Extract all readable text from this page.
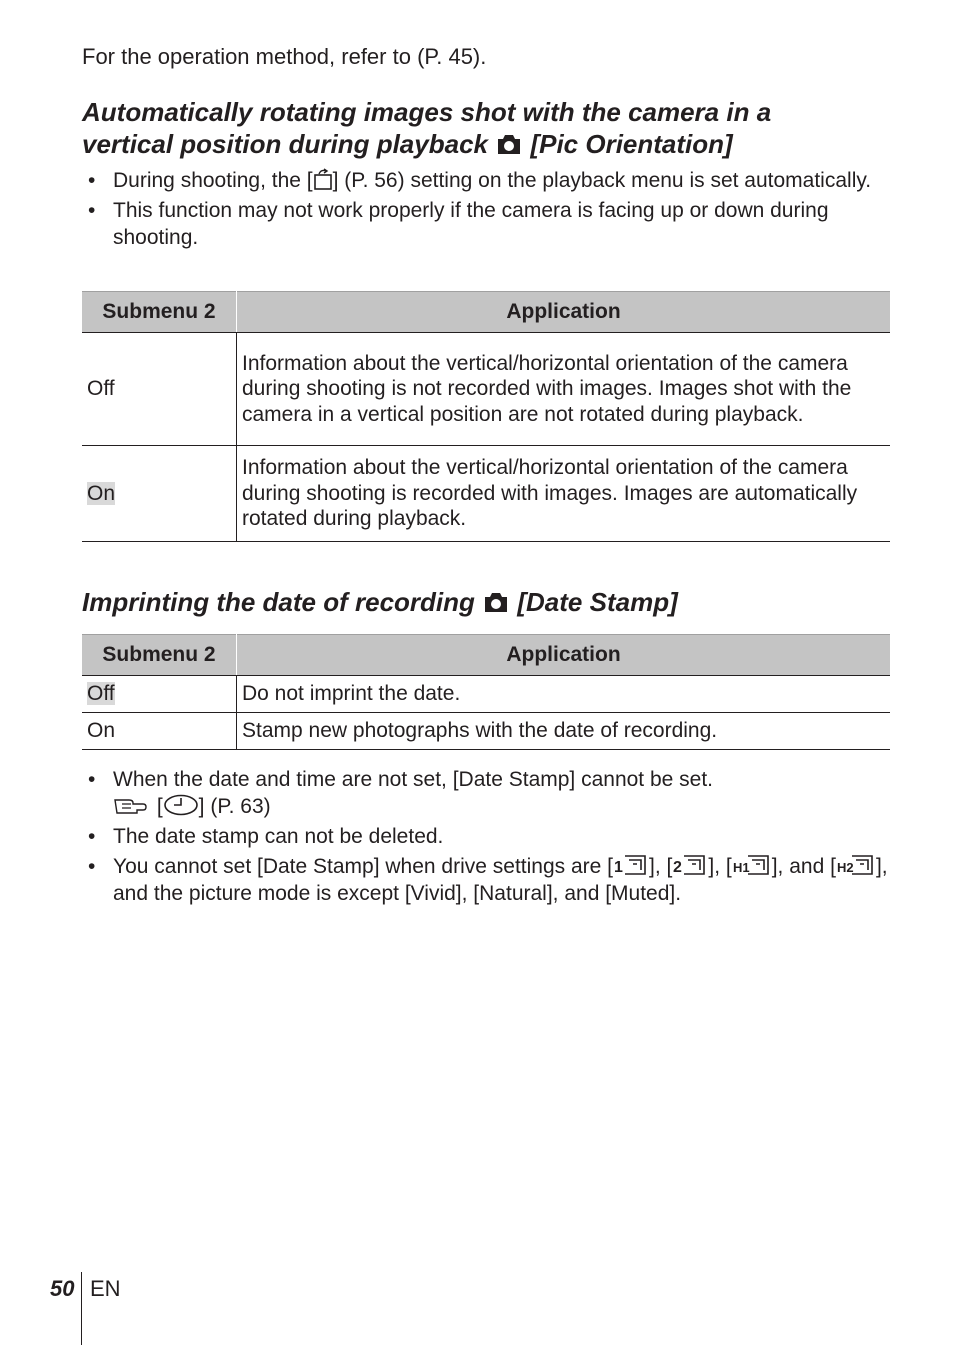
For the operation method, refer to (P. 45).
Automatically rotating images shot with the camera in a
vertical position during playback [Pic Orientation]
• During shooting, the [ ] (P. 56) setting on the playback menu is set automatically.
• This function may not work properly if the camera is facing up or down during shooting.
Submenu 2	Application
Off	Information about the vertical/horizontal orientation of the camera during shooting is not recorded with images. Images shot with the camera in a vertical position are not rotated during playback.
On	Information about the vertical/horizontal orientation of the camera during shooting is recorded with images. Images are automatically rotated during playback.
Imprinting the date of recording [Date Stamp]
Submenu 2	Application
Off	Do not imprint the date.
On	Stamp new photographs with the date of recording.
• When the date and time are not set, [Date Stamp] cannot be set.
[ ] (P. 63)
• The date stamp can not be deleted.
• You cannot set [Date Stamp] when drive settings are [ 1 ], [ 2 ], [ H1 ], and [ H2 ], and the picture mode is except [Vivid], [Natural], and [Muted].
50 EN
